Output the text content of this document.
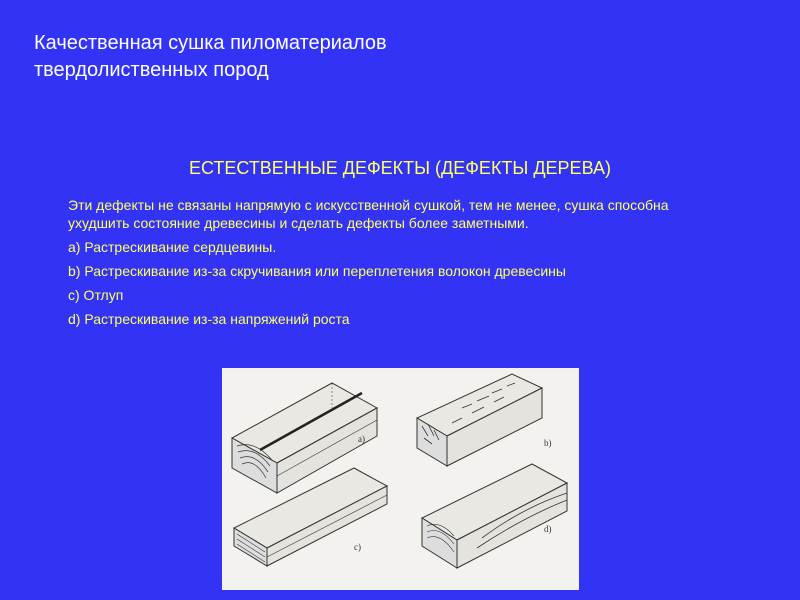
Качественная сушка пиломатериалов
твердолиственных пород
ЕСТЕСТВЕННЫЕ ДЕФЕКТЫ (ДЕФЕКТЫ ДЕРЕВА)

Эти дефекты не связаны напрямую с искусственной сушкой, тем не менее, сушка способна ухудшить состояние древесины и сделать дефекты более заметными.

a) Растрескивание сердцевины.

b) Растрескивание из-за скручивания или переплетения волокон древесины

c) Отлуп

d) Растрескивание из-за напряжений роста

a)	b)
c)
d)
